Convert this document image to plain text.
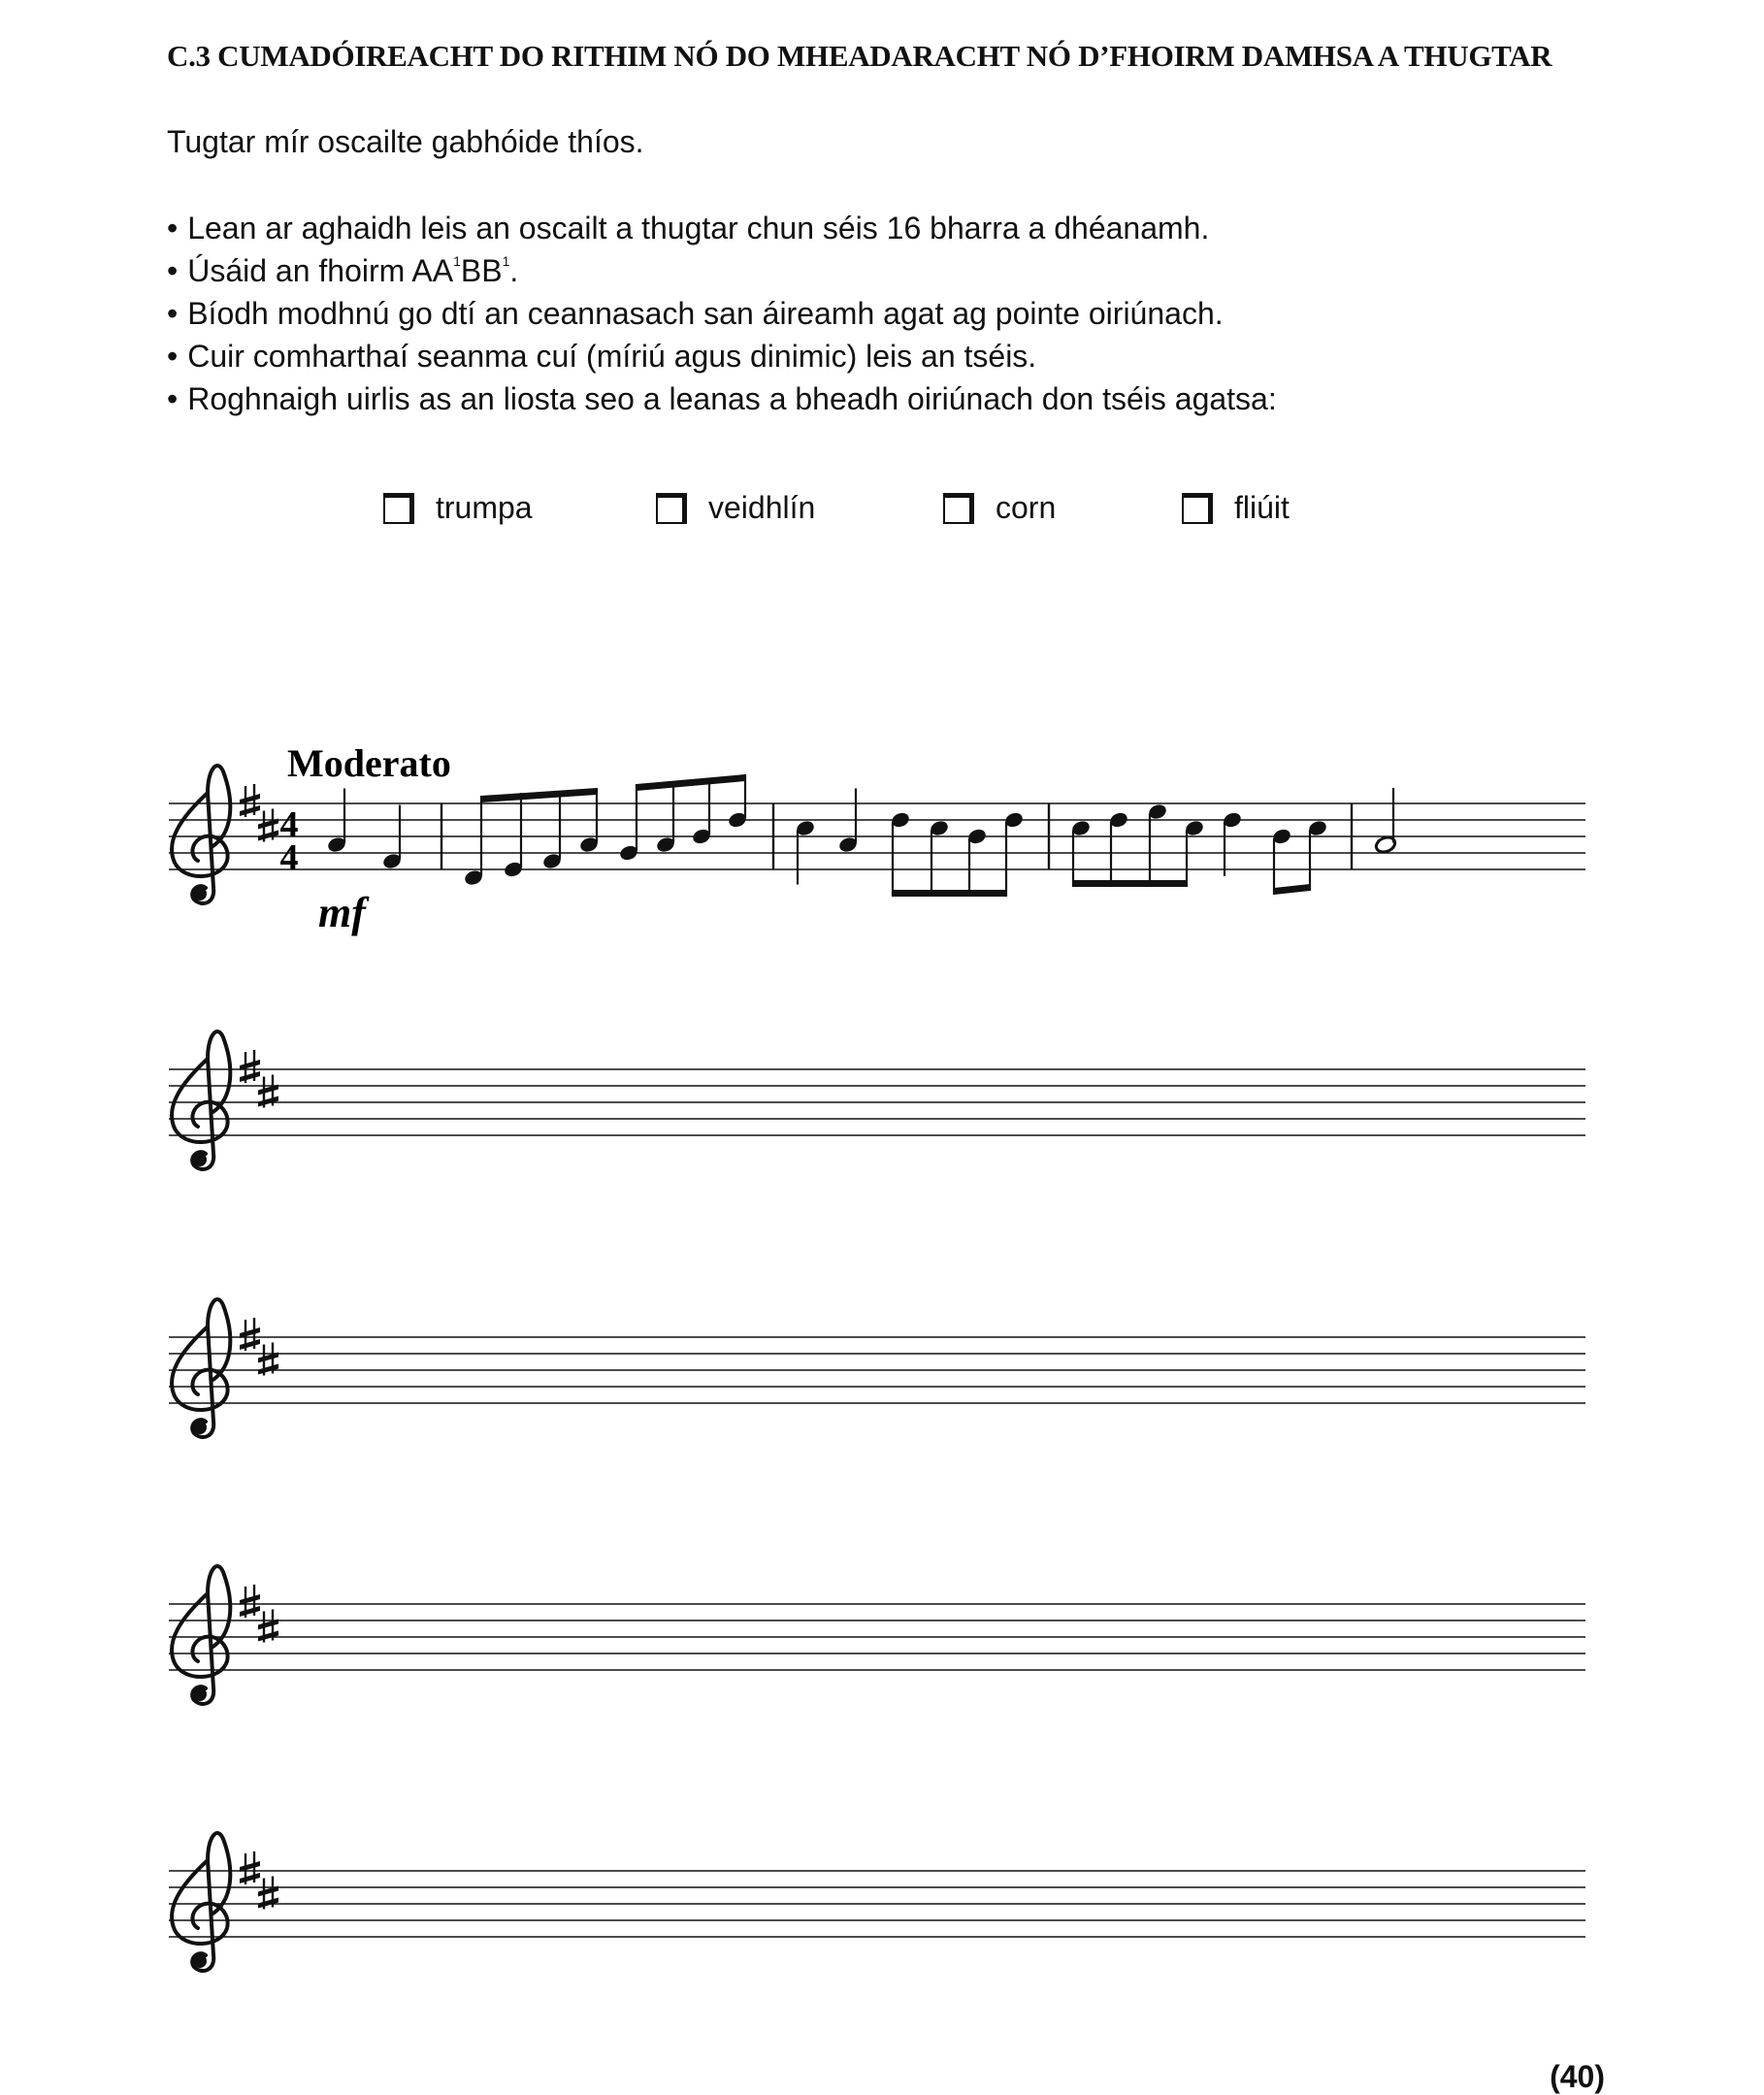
C.3 CUMADÓIREACHT DO RITHIM NÓ DO MHEADARACHT NÓ D’FHOIRM DAMHSA A THUGTAR
Tugtar mír oscailte gabhóide thíos.
• Lean ar aghaidh leis an oscailt a thugtar chun séis 16 bharra a dhéanamh.
• Úsáid an fhoirm $AA^1BB^1$.
• Bíodh modhnú go dtí an ceannasach san áireamh agat ag pointe oiriúnach.
• Cuir comharthaí seanma cuí (míriú agus dinimic) leis an tséis.
• Roghnaigh uirlis as an liosta seo a leanas a bheadh oiriúnach don tséis agatsa:
trumpa	veidhlín	corn	fliúit
Moderato
mf
4
4
(40)
